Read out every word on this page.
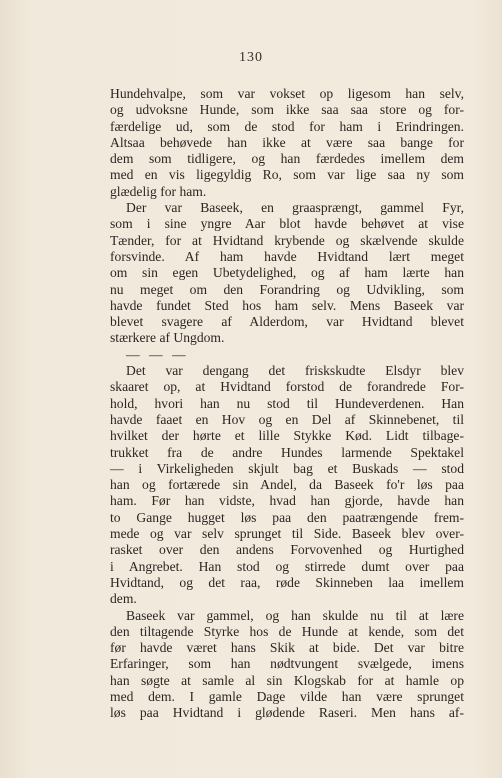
130
Hundehvalpe, som var vokset op ligesom han selv,
og udvoksne Hunde, som ikke saa saa store og for-
færdelige ud, som de stod for ham i Erindringen.
Altsaa behøvede han ikke at være saa bange for
dem som tidligere, og han færdedes imellem dem
med en vis ligegyldig Ro, som var lige saa ny som
glædelig for ham.
Der var Baseek, en graasprængt, gammel Fyr,
som i sine yngre Aar blot havde behøvet at vise
Tænder, for at Hvidtand krybende og skælvende skulde
forsvinde. Af ham havde Hvidtand lært meget
om sin egen Ubetydelighed, og af ham lærte han
nu meget om den Forandring og Udvikling, som
havde fundet Sted hos ham selv. Mens Baseek var
blevet svagere af Alderdom, var Hvidtand blevet
stærkere af Ungdom.
— — —
Det var dengang det friskskudte Elsdyr blev
skaaret op, at Hvidtand forstod de forandrede For-
hold, hvori han nu stod til Hundeverdenen. Han
havde faaet en Hov og en Del af Skinnebenet, til
hvilket der hørte et lille Stykke Kød. Lidt tilbage-
trukket fra de andre Hundes larmende Spektakel
— i Virkeligheden skjult bag et Buskads — stod
han og fortærede sin Andel, da Baseek fo'r løs paa
ham. Før han vidste, hvad han gjorde, havde han
to Gange hugget løs paa den paatrængende frem-
mede og var selv sprunget til Side. Baseek blev over-
rasket over den andens Forvovenhed og Hurtighed
i Angrebet. Han stod og stirrede dumt over paa
Hvidtand, og det raa, røde Skinneben laa imellem
dem.
Baseek var gammel, og han skulde nu til at lære
den tiltagende Styrke hos de Hunde at kende, som det
før havde været hans Skik at bide. Det var bitre
Erfaringer, som han nødtvungent svælgede, imens
han søgte at samle al sin Klogskab for at hamle op
med dem. I gamle Dage vilde han være sprunget
løs paa Hvidtand i glødende Raseri. Men hans af-
